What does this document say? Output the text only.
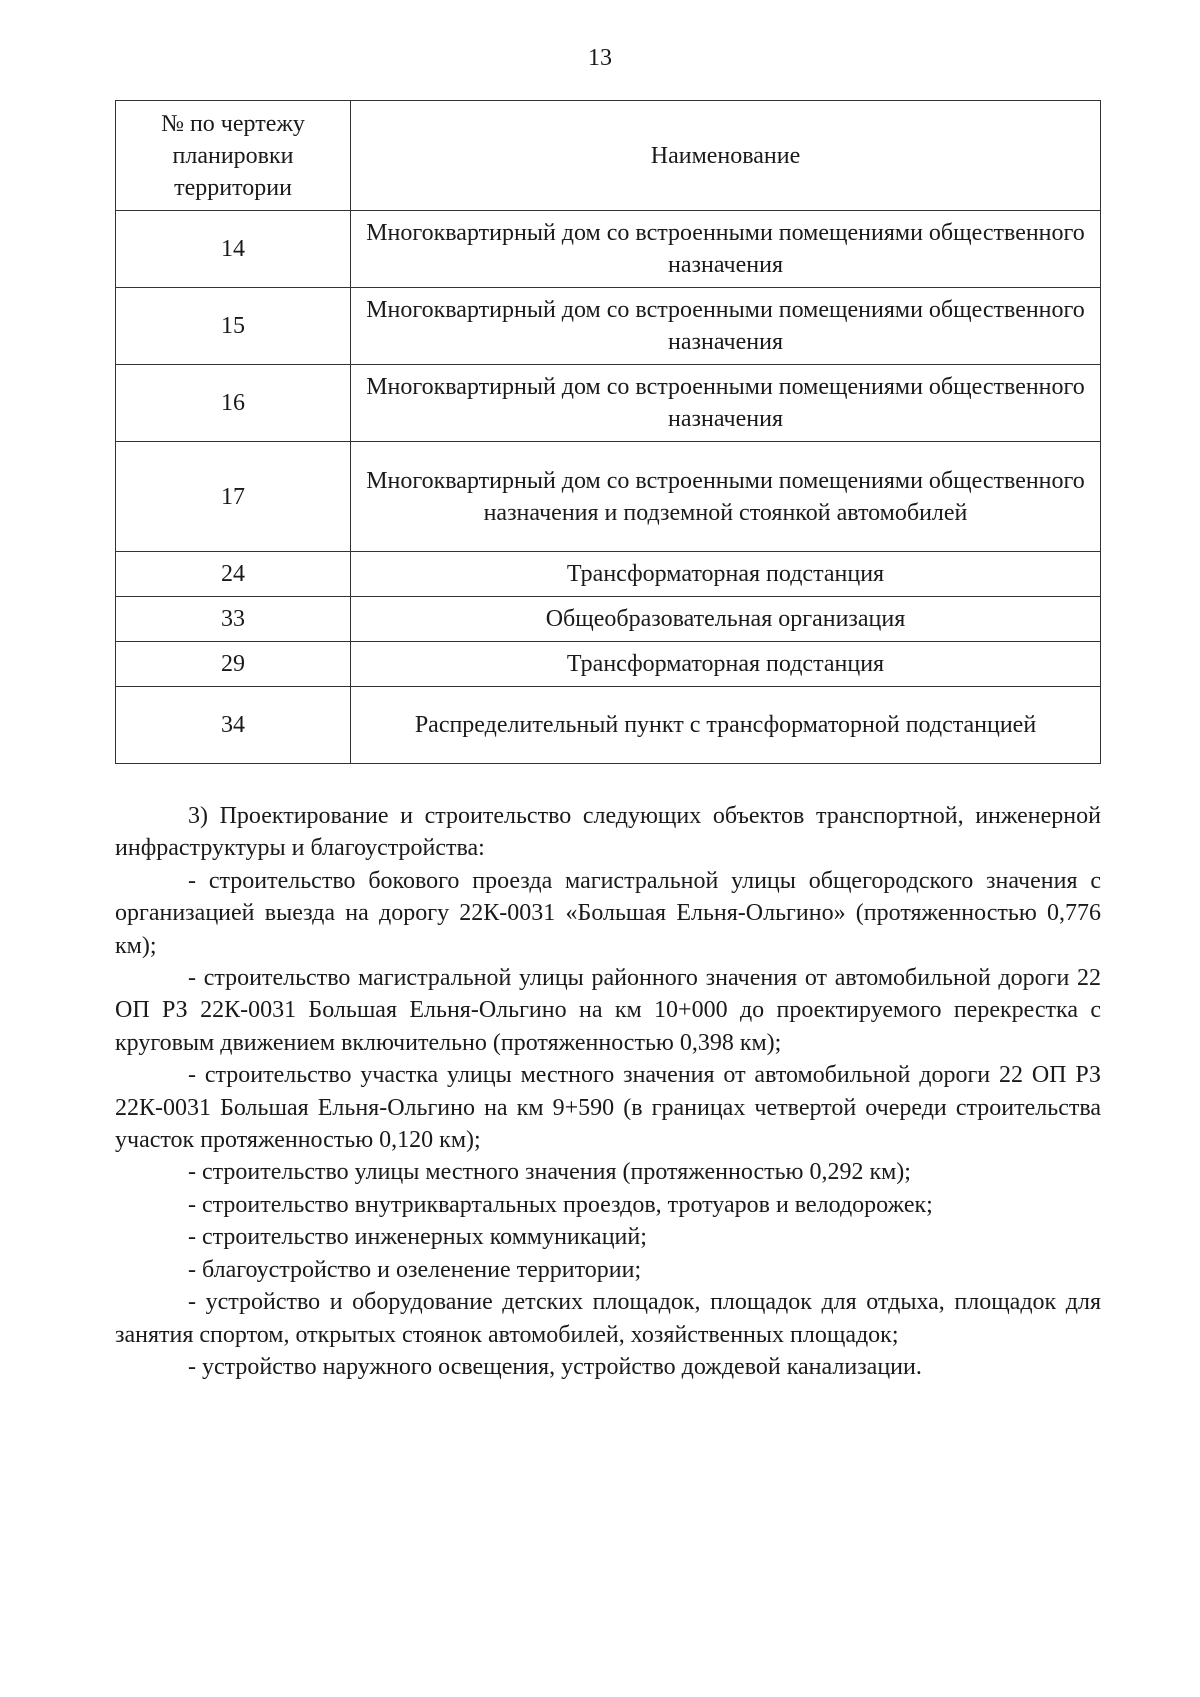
13
№ по чертежу планировки территории	Наименование
14	Многоквартирный дом со встроенными помещениями общественного назначения
15	Многоквартирный дом со встроенными помещениями общественного назначения
16	Многоквартирный дом со встроенными помещениями общественного назначения
17	Многоквартирный дом со встроенными помещениями общественного назначения и подземной стоянкой автомобилей
24	Трансформаторная подстанция
33	Общеобразовательная организация
29	Трансформаторная подстанция
34	Распределительный пункт с трансформаторной подстанцией

3) Проектирование и строительство следующих объектов транспортной, инженерной инфраструктуры и благоустройства:

- строительство бокового проезда магистральной улицы общегородского значения с организацией выезда на дорогу 22К-0031 «Большая Ельня-Ольгино» (протяженностью 0,776 км);

- строительство магистральной улицы районного значения от автомобильной дороги 22 ОП РЗ 22К-0031 Большая Ельня-Ольгино на км 10+000 до проектируемого перекрестка с круговым движением включительно (протяженностью 0,398 км);

- строительство участка улицы местного значения от автомобильной дороги 22 ОП РЗ 22К-0031 Большая Ельня-Ольгино на км 9+590 (в границах четвертой очереди строительства участок протяженностью 0,120 км);

- строительство улицы местного значения (протяженностью 0,292 км);

- строительство внутриквартальных проездов, тротуаров и велодорожек;

- строительство инженерных коммуникаций;

- благоустройство и озеленение территории;

- устройство и оборудование детских площадок, площадок для отдыха, площадок для занятия спортом, открытых стоянок автомобилей, хозяйственных площадок;

- устройство наружного освещения, устройство дождевой канализации.
